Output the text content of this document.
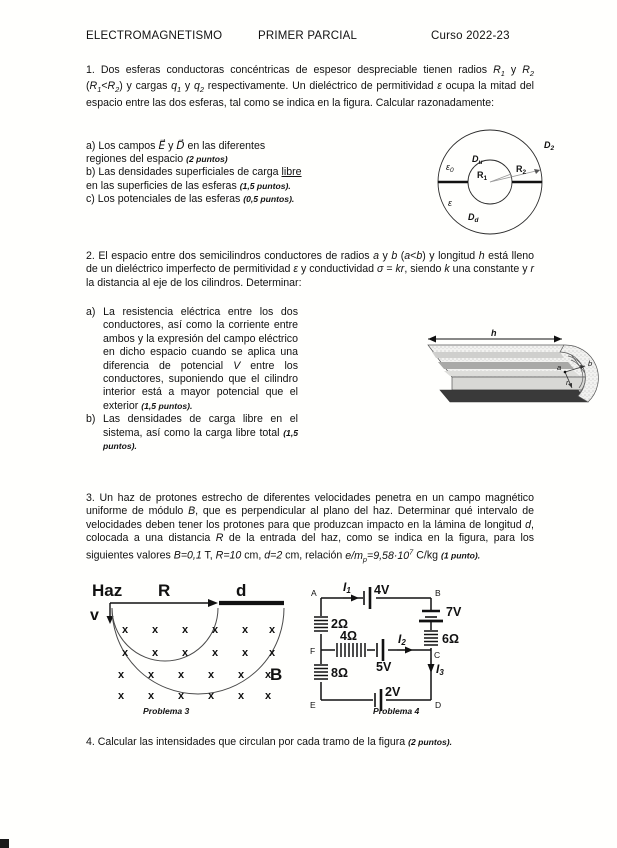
ELECTROMAGNETISMO	PRIMER PARCIAL	Curso 2022-23
1. Dos esferas conductoras concéntricas de espesor despreciable tienen radios $R_1$ y $R_2$ $(R_1<R_2)$ y cargas $q_1$ y $q_2$ respectivamente. Un dieléctrico de permitividad ε ocupa la mitad del espacio entre las dos esferas, tal como se indica en la figura. Calcular razonadamente:
a) Los campos E⃗ y D⃗ en las diferentes regiones del espacio (2 puntos)
b) Las densidades superficiales de carga libre en las superficies de las esferas (1,5 puntos).
c) Los potenciales de las esferas (0,5 puntos).
$D_2$
$D_u$
$\varepsilon_0$	$R_1$
$R_2$
ε
$D_d$
2. El espacio entre dos semicilindros conductores de radios a y b (a<b) y longitud h está lleno de un dieléctrico imperfecto de permitividad ε y conductividad σ = kr, siendo k una constante y r la distancia al eje de los cilindros. Determinar:
a) La resistencia eléctrica entre los dos conductores, así como la corriente entre ambos y la expresión del campo eléctrico en dicho espacio cuando se aplica una diferencia de potencial V entre los conductores, suponiendo que el cilindro interior está a mayor potencial que el exterior (1,5 puntos).
b) Las densidades de carga libre en el sistema, así como la carga libre total (1,5 puntos).
h
a	b
r
3. Un haz de protones estrecho de diferentes velocidades penetra en un campo magnético uniforme de módulo B, que es perpendicular al plano del haz. Determinar qué intervalo de velocidades deben tener los protones para que produzcan impacto en la lámina de longitud d, colocada a una distancia R de la entrada del haz, como se indica en la figura, para los siguientes valores B=0,1 T, R=10 cm, d=2 cm, relación $e/m_p=9,58\cdot 10^7$ C/kg (1 punto).
Haz R	d
v
B
x x x x x x
x x x x x x
x x x x x x
x x x x x x
A	B
C
D
E
F
2Ω
4Ω	6Ω
8Ω
4V
7V
5V
2V
I1
I2
I3
Problema 3	Problema 4
4. Calcular las intensidades que circulan por cada tramo de la figura (2 puntos).
